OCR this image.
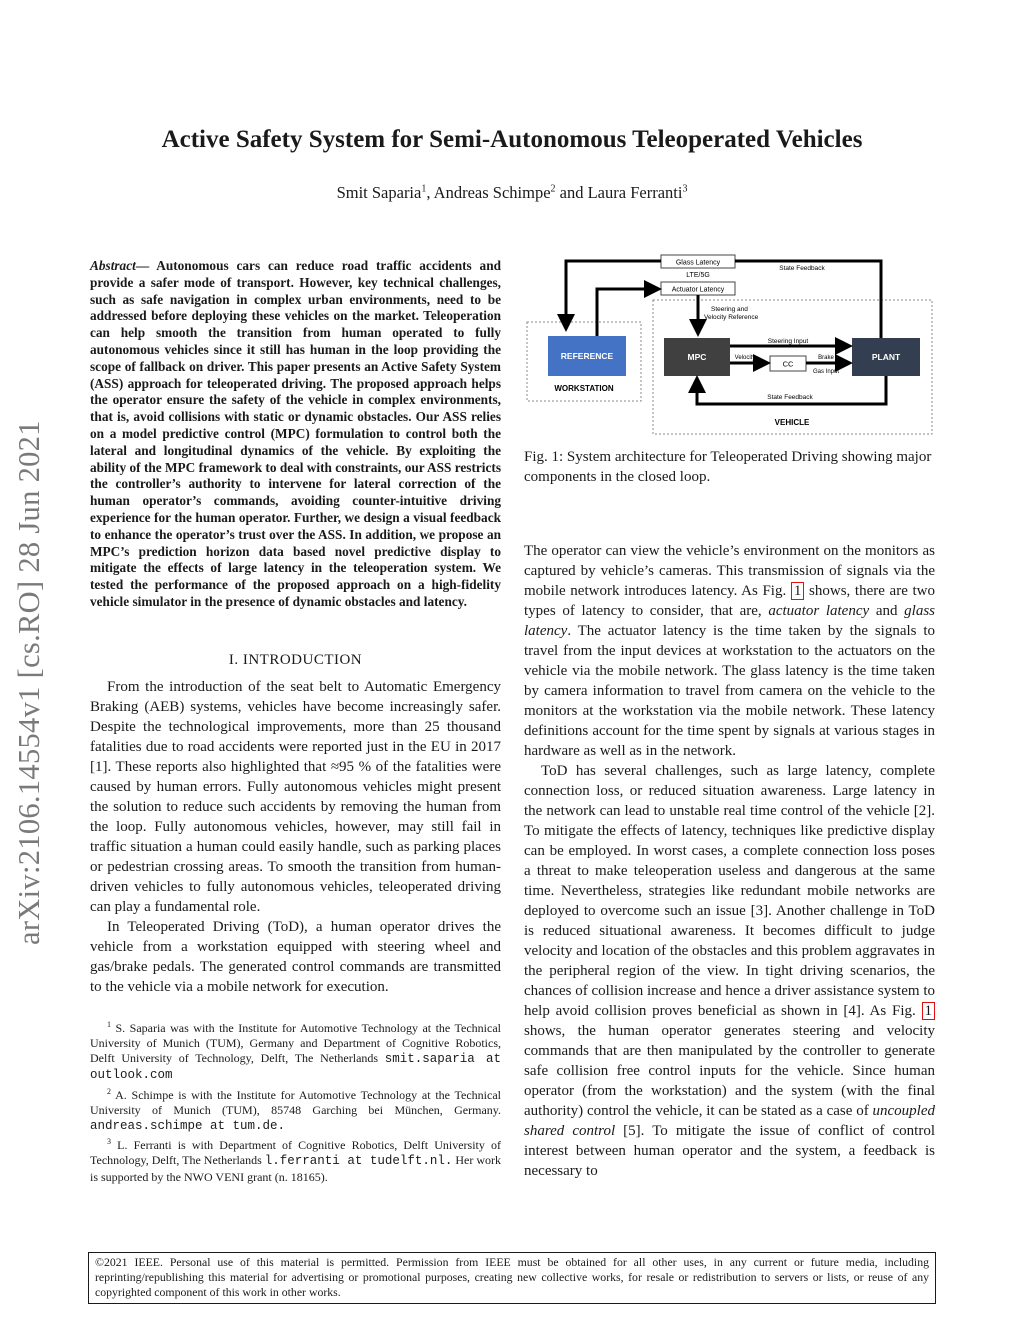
arXiv:2106.14554v1 [cs.RO] 28 Jun 2021
Active Safety System for Semi-Autonomous Teleoperated Vehicles
Smit Saparia$^1$, Andreas Schimpe$^2$ and Laura Ferranti$^3$

Abstract— Autonomous cars can reduce road traffic accidents and provide a safer mode of transport. However, key technical challenges, such as safe navigation in complex urban environments, need to be addressed before deploying these vehicles on the market. Teleoperation can help smooth the transition from human operated to fully autonomous vehicles since it still has human in the loop providing the scope of fallback on driver. This paper presents an Active Safety System (ASS) approach for teleoperated driving. The proposed approach helps the operator ensure the safety of the vehicle in complex environments, that is, avoid collisions with static or dynamic obstacles. Our ASS relies on a model predictive control (MPC) formulation to control both the lateral and longitudinal dynamics of the vehicle. By exploiting the ability of the MPC framework to deal with constraints, our ASS restricts the controller’s authority to intervene for lateral correction of the human operator’s commands, avoiding counter-intuitive driving experience for the human operator. Further, we design a visual feedback to enhance the operator’s trust over the ASS. In addition, we propose an MPC’s prediction horizon data based novel predictive display to mitigate the effects of large latency in the teleoperation system. We tested the performance of the proposed approach on a high-fidelity vehicle simulator in the presence of dynamic obstacles and latency.

I. INTRODUCTION

From the introduction of the seat belt to Automatic Emergency Braking (AEB) systems, vehicles have become increasingly safer. Despite the technological improvements, more than 25 thousand fatalities due to road accidents were reported just in the EU in 2017 [1]. These reports also highlighted that ≈95 % of the fatalities were caused by human errors. Fully autonomous vehicles might present the solution to reduce such accidents by removing the human from the loop. Fully autonomous vehicles, however, may still fail in traffic situation a human could easily handle, such as parking places or pedestrian crossing areas. To smooth the transition from human-driven vehicles to fully autonomous vehicles, teleoperated driving can play a fundamental role.

In Teleoperated Driving (ToD), a human operator drives the vehicle from a workstation equipped with steering wheel and gas/brake pedals. The generated control commands are transmitted to the vehicle via a mobile network for execution.

$^1$ S. Saparia was with the Institute for Automotive Technology at the Technical University of Munich (TUM), Germany and Department of Cognitive Robotics, Delft University of Technology, Delft, The Netherlands smit.saparia at outlook.com

$^2$ A. Schimpe is with the Institute for Automotive Technology at the Technical University of Munich (TUM), 85748 Garching bei München, Germany. andreas.schimpe at tum.de.

$^3$ L. Ferranti is with Department of Cognitive Robotics, Delft University of Technology, Delft, The Netherlands l.ferranti at tudelft.nl. Her work is supported by the NWO VENI grant (n. 18165).

Glass Latency
LTE/5G
Actuator Latency
State Feedback
Steering and
Velocity Reference
REFERENCE
WORKSTATION
MPC
CC
PLANT
Steering Input
Velocity	Brake
Gas Input
State Feedback
VEHICLE

Fig. 1: System architecture for Teleoperated Driving showing major components in the closed loop.

The operator can view the vehicle’s environment on the monitors as captured by vehicle’s cameras. This transmission of signals via the mobile network introduces latency. As Fig. 1 shows, there are two types of latency to consider, that are, actuator latency and glass latency. The actuator latency is the time taken by the signals to travel from the input devices at workstation to the actuators on the vehicle via the mobile network. The glass latency is the time taken by camera information to travel from camera on the vehicle to the monitors at the workstation via the mobile network. These latency definitions account for the time spent by signals at various stages in hardware as well as in the network.

ToD has several challenges, such as large latency, complete connection loss, or reduced situation awareness. Large latency in the network can lead to unstable real time control of the vehicle [2]. To mitigate the effects of latency, techniques like predictive display can be employed. In worst cases, a complete connection loss poses a threat to make teleoperation useless and dangerous at the same time. Nevertheless, strategies like redundant mobile networks are deployed to overcome such an issue [3]. Another challenge in ToD is reduced situational awareness. It becomes difficult to judge velocity and location of the obstacles and this problem aggravates in the peripheral region of the view. In tight driving scenarios, the chances of collision increase and hence a driver assistance system to help avoid collision proves beneficial as shown in [4]. As Fig. 1 shows, the human operator generates steering and velocity commands that are then manipulated by the controller to generate safe collision free control inputs for the vehicle. Since human operator (from the workstation) and the system (with the final authority) control the vehicle, it can be stated as a case of uncoupled shared control [5]. To mitigate the issue of conflict of control interest between human operator and the system, a feedback is necessary to

©2021 IEEE. Personal use of this material is permitted. Permission from IEEE must be obtained for all other uses, in any current or future media, including reprinting/republishing this material for advertising or promotional purposes, creating new collective works, for resale or redistribution to servers or lists, or reuse of any copyrighted component of this work in other works.
